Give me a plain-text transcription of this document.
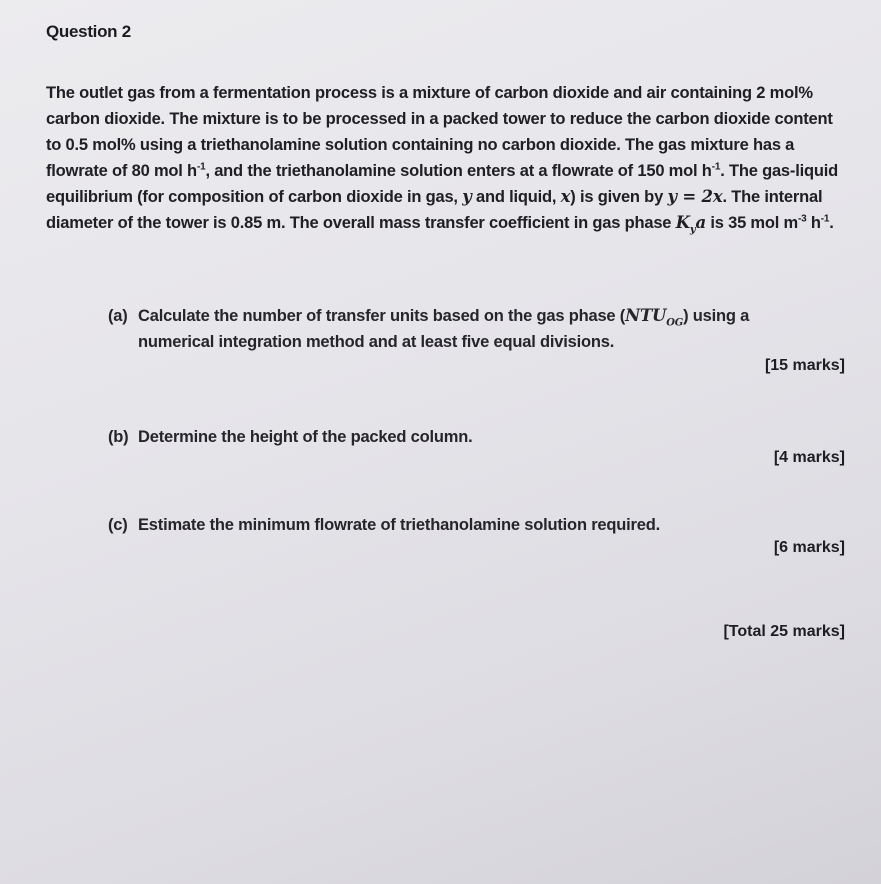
Question 2
The outlet gas from a fermentation process is a mixture of carbon dioxide and air containing 2 mol% carbon dioxide. The mixture is to be processed in a packed tower to reduce the carbon dioxide content to 0.5 mol% using a triethanolamine solution containing no carbon dioxide. The gas mixture has a flowrate of 80 mol $h^{-1}$, and the triethanolamine solution enters at a flowrate of 150 mol $h^{-1}$. The gas-liquid equilibrium (for composition of carbon dioxide in gas, y and liquid, x) is given by y = 2x. The internal diameter of the tower is 0.85 m. The overall mass transfer coefficient in gas phase $K_ya$ is 35 mol $m^{-3}$ $h^{-1}$.
(a) Calculate the number of transfer units based on the gas phase $(NTU_{OG})$ using a
numerical integration method and at least five equal divisions.
[15 marks]
(b) Determine the height of the packed column.
[4 marks]
(c) Estimate the minimum flowrate of triethanolamine solution required.
[6 marks]
[Total 25 marks]
